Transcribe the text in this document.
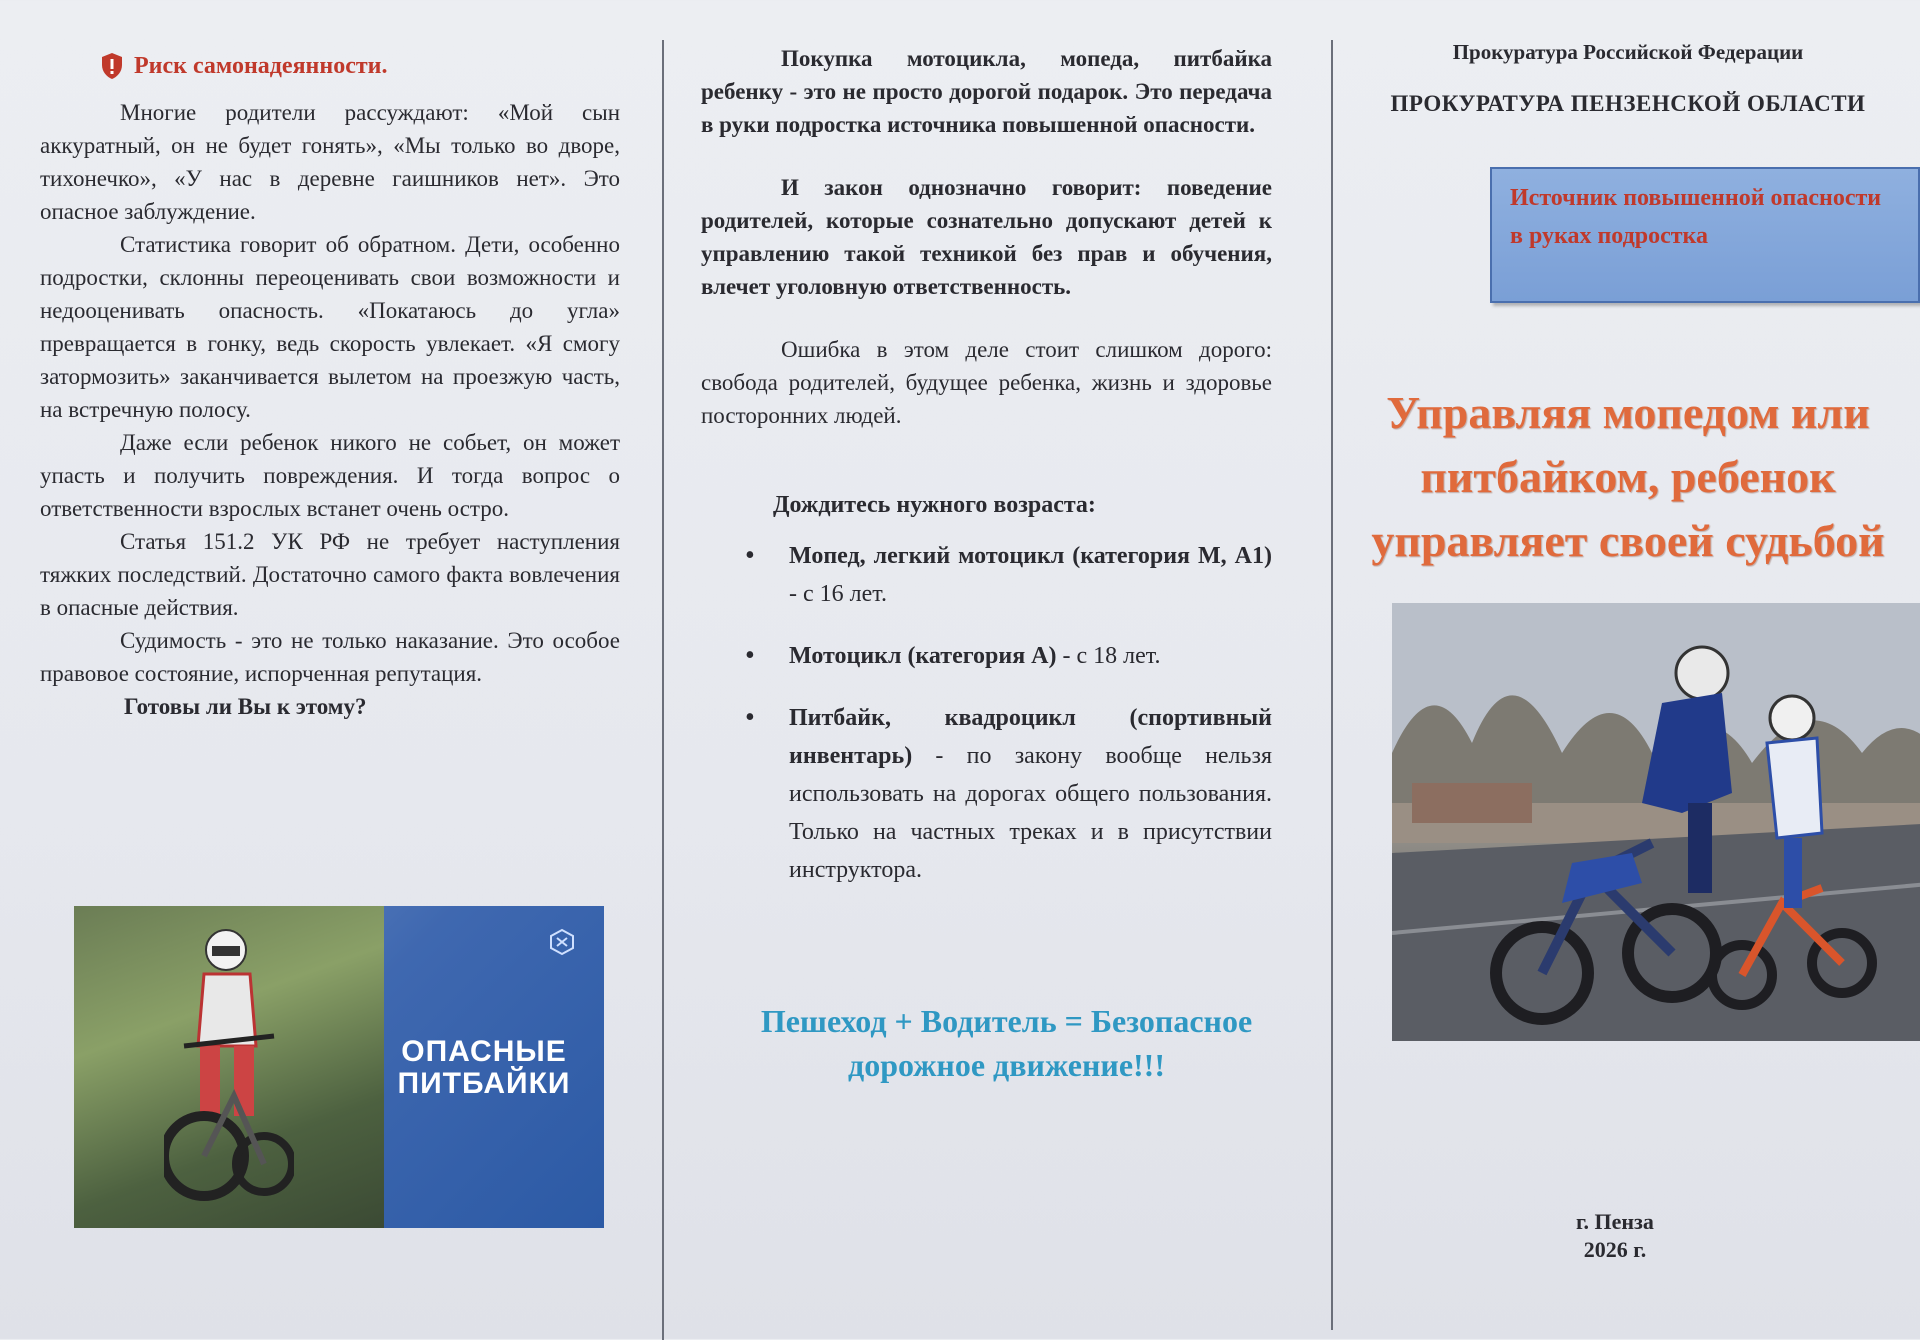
Риск самонадеянности.

Многие родители рассуждают: «Мой сын аккуратный, он не будет гонять», «Мы только во дворе, тихонечко», «У нас в деревне гаишников нет». Это опасное заблуждение.

Статистика говорит об обратном. Дети, особенно подростки, склонны переоценивать свои возможности и недооценивать опасность. «Покатаюсь до угла» превращается в гонку, ведь скорость увлекает. «Я смогу затормозить» заканчивается вылетом на проезжую часть, на встречную полосу.

Даже если ребенок никого не собьет, он может упасть и получить повреждения. И тогда вопрос о ответственности взрослых встанет очень остро.

Статья 151.2 УК РФ не требует наступления тяжких последствий. Достаточно самого факта вовлечения в опасные действия.

Судимость - это не только наказание. Это особое правовое состояние, испорченная репутация.

Готовы ли Вы к этому?

ОПАСНЫЕ ПИТБАЙКИ

Покупка мотоцикла, мопеда, питбайка ребенку - это не просто дорогой подарок. Это передача в руки подростка источника повышенной опасности.

И закон однозначно говорит: поведение родителей, которые сознательно допускают детей к управлению такой техникой без прав и обучения, влечет уголовную ответственность.

Ошибка в этом деле стоит слишком дорого: свобода родителей, будущее ребенка, жизнь и здоровье посторонних людей.

Дождитесь нужного возраста:
• Мопед, легкий мотоцикл (категория М, А1) - с 16 лет.
• Мотоцикл (категория А) - с 18 лет.
• Питбайк, квадроцикл (спортивный инвентарь) - по закону вообще нельзя использовать на дорогах общего пользования. Только на частных треках и в присутствии инструктора.
Пешеход + Водитель = Безопасное дорожное движение!!!
Прокуратура Российской Федерации
ПРОКУРАТУРА ПЕНЗЕНСКОЙ ОБЛАСТИ
Источник повышенной опасности в руках подростка
Управляя мопедом или питбайком, ребенок управляет своей судьбой
г. Пенза
2026 г.
